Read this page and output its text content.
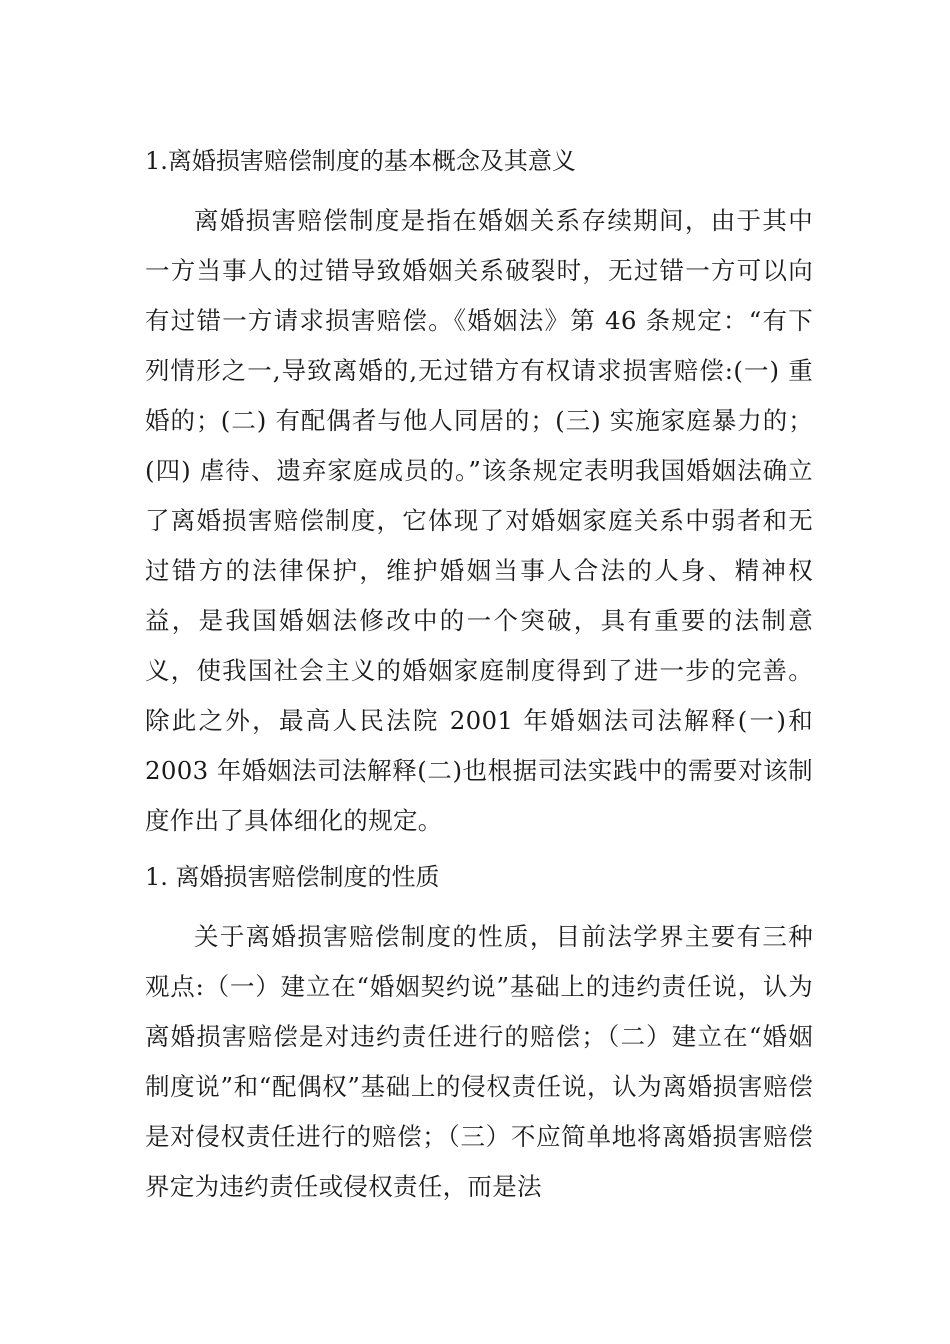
1.离婚损害赔偿制度的基本概念及其意义

离婚损害赔偿制度是指在婚姻关系存续期间，由于其中一方当事人的过错导致婚姻关系破裂时，无过错一方可以向有过错一方请求损害赔偿。《婚姻法》第 46 条规定：“有下列情形之一,导致离婚的,无过错方有权请求损害赔偿:(一) 重婚的；(二) 有配偶者与他人同居的；(三) 实施家庭暴力的；(四) 虐待、遗弃家庭成员的。”该条规定表明我国婚姻法确立了离婚损害赔偿制度，它体现了对婚姻家庭关系中弱者和无过错方的法律保护，维护婚姻当事人合法的人身、精神权益，是我国婚姻法修改中的一个突破，具有重要的法制意义，使我国社会主义的婚姻家庭制度得到了进一步的完善。除此之外，最高人民法院 2001 年婚姻法司法解释(一)和 2003 年婚姻法司法解释(二)也根据司法实践中的需要对该制度作出了具体细化的规定。

1. 离婚损害赔偿制度的性质

关于离婚损害赔偿制度的性质，目前法学界主要有三种观点:（一）建立在“婚姻契约说”基础上的违约责任说，认为离婚损害赔偿是对违约责任进行的赔偿；（二）建立在“婚姻制度说”和“配偶权”基础上的侵权责任说，认为离婚损害赔偿是对侵权责任进行的赔偿；（三）不应简单地将离婚损害赔偿界定为违约责任或侵权责任，而是法
